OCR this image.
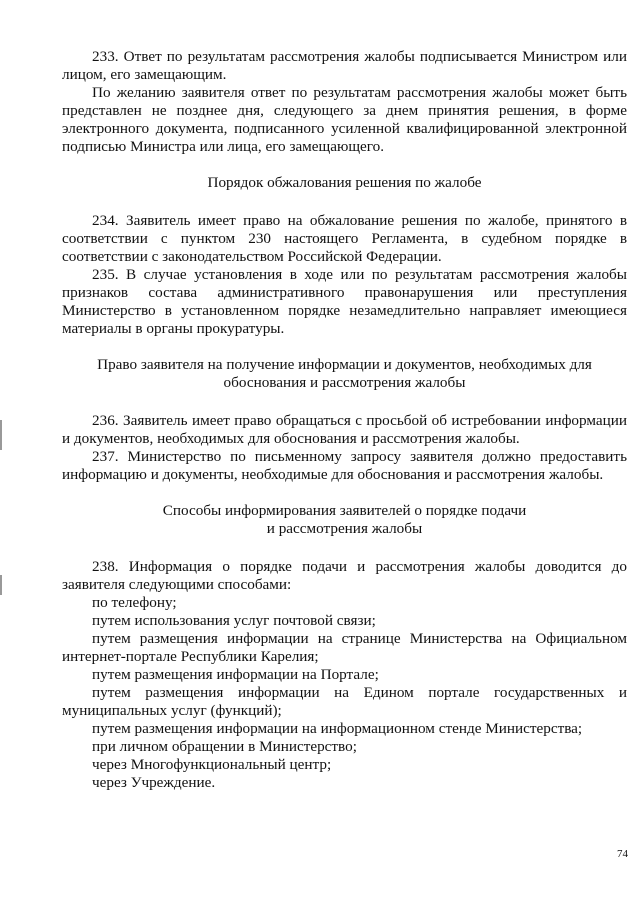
233. Ответ по результатам рассмотрения жалобы подписывается Министром или лицом, его замещающим.

По желанию заявителя ответ по результатам рассмотрения жалобы может быть представлен не позднее дня, следующего за днем принятия решения, в форме электронного документа, подписанного усиленной квалифицированной электронной подписью Министра или лица, его замещающего.

Порядок обжалования решения по жалобе

234. Заявитель имеет право на обжалование решения по жалобе, принятого в соответствии с пунктом 230 настоящего Регламента, в судебном порядке в соответствии с законодательством Российской Федерации.

235. В случае установления в ходе или по результатам рассмотрения жалобы признаков состава административного правонарушения или преступления Министерство в установленном порядке незамедлительно направляет имеющиеся материалы в органы прокуратуры.

Право заявителя на получение информации и документов, необходимых для

обоснования и рассмотрения жалобы

236. Заявитель имеет право обращаться с просьбой об истребовании информации и документов, необходимых для обоснования и рассмотрения жалобы.

237. Министерство по письменному запросу заявителя должно предоставить информацию и документы, необходимые для обоснования и рассмотрения жалобы.

Способы информирования заявителей о порядке подачи

и рассмотрения жалобы

238. Информация о порядке подачи и рассмотрения жалобы доводится до заявителя следующими способами:

по телефону;

путем использования услуг почтовой связи;

путем размещения информации на странице Министерства на Официальном интернет-портале Республики Карелия;

путем размещения информации на Портале;

путем размещения информации на Едином портале государственных и муниципальных услуг (функций);

путем размещения информации на информационном стенде Министерства;

при личном обращении в Министерство;

через Многофункциональный центр;

через Учреждение.

74
